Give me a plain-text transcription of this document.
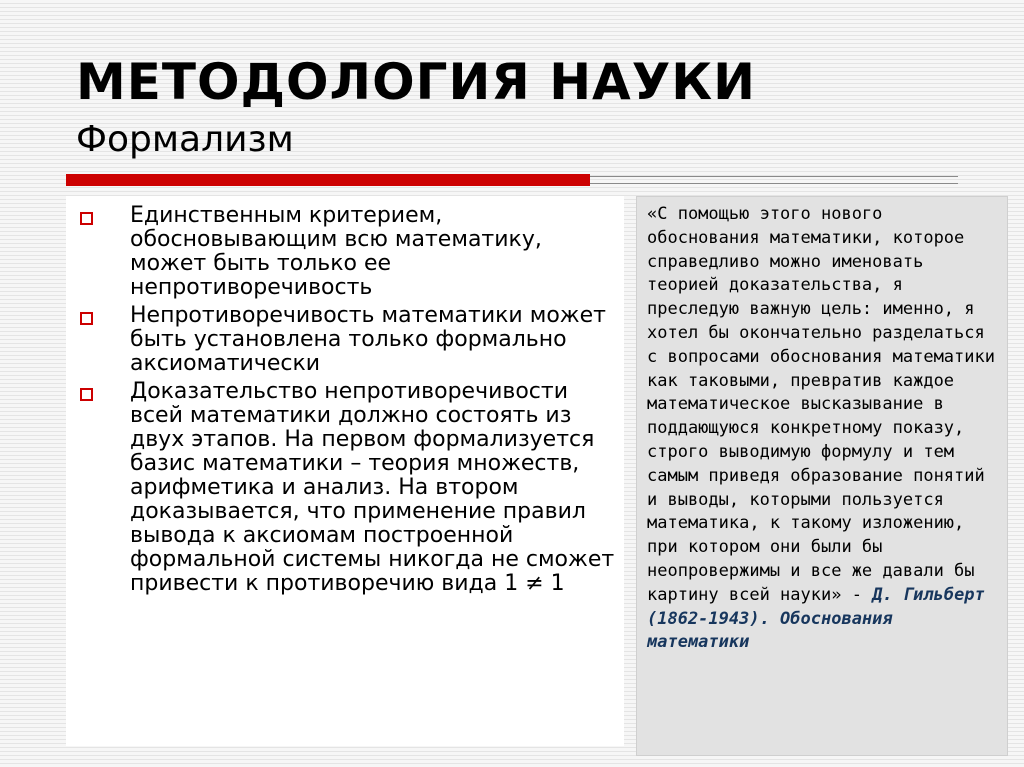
МЕТОДОЛОГИЯ НАУКИ
Формализм
Единственным критерием, обосновывающим всю математику, может быть только ее непротиворечивость
Непротиворечивость математики может быть установлена только формально аксиоматически
Доказательство непротиворечивости всей математики должно состоять из двух этапов. На первом формализуется базис математики – теория множеств, арифметика и анализ. На втором доказывается, что применение правил вывода к аксиомам построенной формальной системы никогда не сможет привести к противоречию вида 1 ≠ 1

«С помощью этого нового обоснования математики, которое справедливо можно именовать теорией доказательства, я преследую важную цель: именно, я хотел бы окончательно разделаться с вопросами обоснования математики как таковыми, превратив каждое математическое высказывание в поддающуюся конкретному показу, строго выводимую формулу и тем самым приведя образование понятий и выводы, которыми пользуется математика, к такому изложению, при котором они были бы неопровержимы и все же давали бы картину всей науки» - Д. Гильберт (1862-1943). Обоснования математики
